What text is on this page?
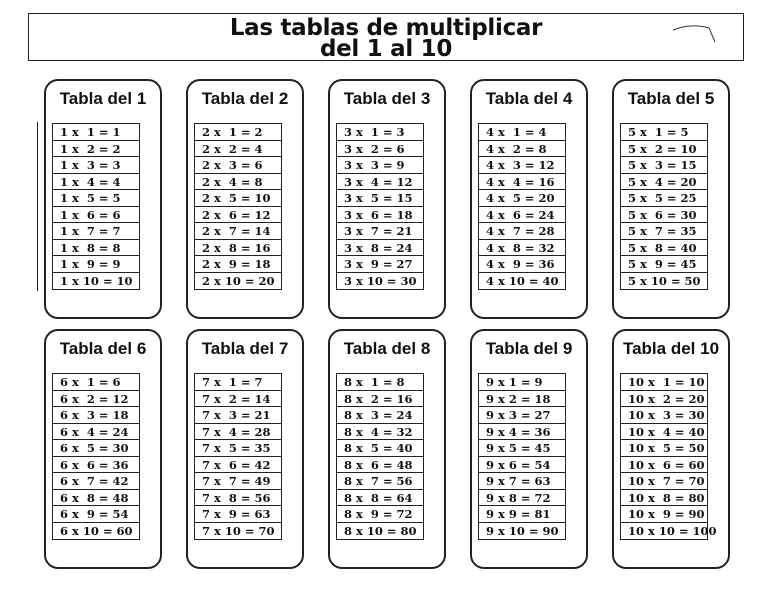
Las tablas de multiplicar
del 1 al 10
Tabla del 1
1 x  1 = 1
1 x  2 = 2
1 x  3 = 3
1 x  4 = 4
1 x  5 = 5
1 x  6 = 6
1 x  7 = 7
1 x  8 = 8
1 x  9 = 9
1 x 10 = 10
Tabla del 2
2 x  1 = 2
2 x  2 = 4
2 x  3 = 6
2 x  4 = 8
2 x  5 = 10
2 x  6 = 12
2 x  7 = 14
2 x  8 = 16
2 x  9 = 18
2 x 10 = 20
Tabla del 3
3 x  1 = 3
3 x  2 = 6
3 x  3 = 9
3 x  4 = 12
3 x  5 = 15
3 x  6 = 18
3 x  7 = 21
3 x  8 = 24
3 x  9 = 27
3 x 10 = 30
Tabla del 4
4 x  1 = 4
4 x  2 = 8
4 x  3 = 12
4 x  4 = 16
4 x  5 = 20
4 x  6 = 24
4 x  7 = 28
4 x  8 = 32
4 x  9 = 36
4 x 10 = 40
Tabla del 5
5 x  1 = 5
5 x  2 = 10
5 x  3 = 15
5 x  4 = 20
5 x  5 = 25
5 x  6 = 30
5 x  7 = 35
5 x  8 = 40
5 x  9 = 45
5 x 10 = 50
Tabla del 6
6 x  1 = 6
6 x  2 = 12
6 x  3 = 18
6 x  4 = 24
6 x  5 = 30
6 x  6 = 36
6 x  7 = 42
6 x  8 = 48
6 x  9 = 54
6 x 10 = 60
Tabla del 7
7 x  1 = 7
7 x  2 = 14
7 x  3 = 21
7 x  4 = 28
7 x  5 = 35
7 x  6 = 42
7 x  7 = 49
7 x  8 = 56
7 x  9 = 63
7 x 10 = 70
Tabla del 8
8 x  1 = 8
8 x  2 = 16
8 x  3 = 24
8 x  4 = 32
8 x  5 = 40
8 x  6 = 48
8 x  7 = 56
8 x  8 = 64
8 x  9 = 72
8 x 10 = 80
Tabla del 9
9 x 1 = 9
9 x 2 = 18
9 x 3 = 27
9 x 4 = 36
9 x 5 = 45
9 x 6 = 54
9 x 7 = 63
9 x 8 = 72
9 x 9 = 81
9 x 10 = 90
Tabla del 10
10 x  1 = 10
10 x  2 = 20
10 x  3 = 30
10 x  4 = 40
10 x  5 = 50
10 x  6 = 60
10 x  7 = 70
10 x  8 = 80
10 x  9 = 90
10 x 10 = 100
